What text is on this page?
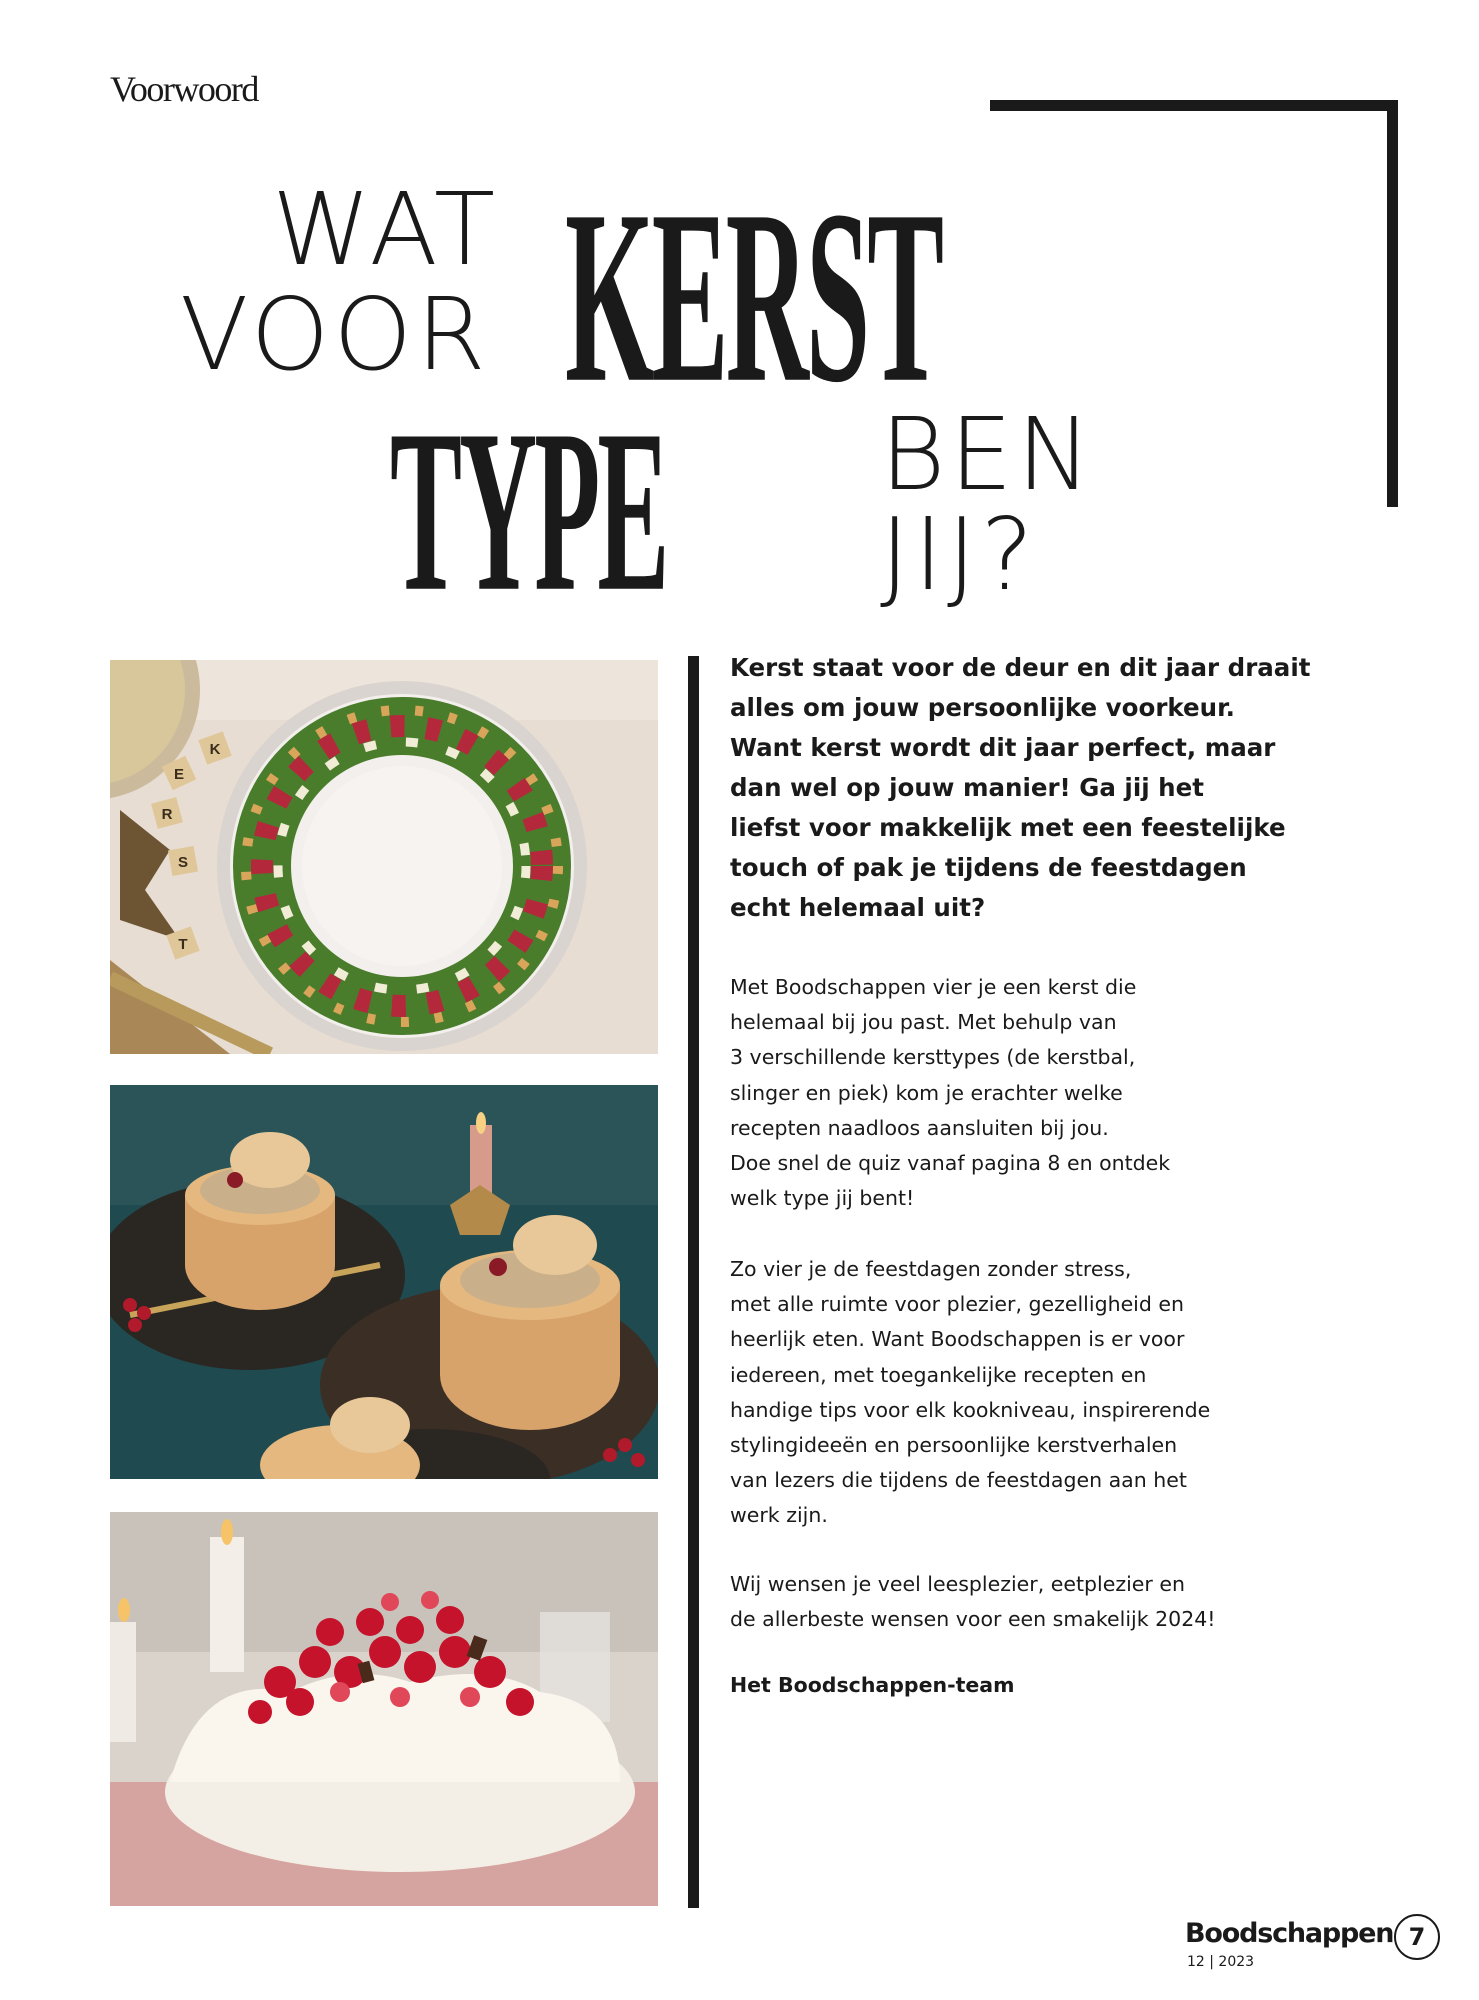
Voorwoord
WAT
VOOR KERST
TYPE BEN
JIJ?
K
E
R
S
T
Kerst staat voor de deur en dit jaar draait
alles om jouw persoonlijke voorkeur.
Want kerst wordt dit jaar perfect, maar
dan wel op jouw manier! Ga jij het
liefst voor makkelijk met een feestelijke
touch of pak je tijdens de feestdagen
echt helemaal uit?
Met Boodschappen vier je een kerst die
helemaal bij jou past. Met behulp van
3 verschillende kersttypes (de kerstbal,
slinger en piek) kom je erachter welke
recepten naadloos aansluiten bij jou.
Doe snel de quiz vanaf pagina 8 en ontdek
welk type jij bent!
Zo vier je de feestdagen zonder stress,
met alle ruimte voor plezier, gezelligheid en
heerlijk eten. Want Boodschappen is er voor
iedereen, met toegankelijke recepten en
handige tips voor elk kookniveau, inspirerende
stylingideeën en persoonlijke kerstverhalen
van lezers die tijdens de feestdagen aan het
werk zijn.
Wij wensen je veel leesplezier, eetplezier en
de allerbeste wensen voor een smakelijk 2024!
Het Boodschappen-team
Boodschappen
12 | 2023
7
